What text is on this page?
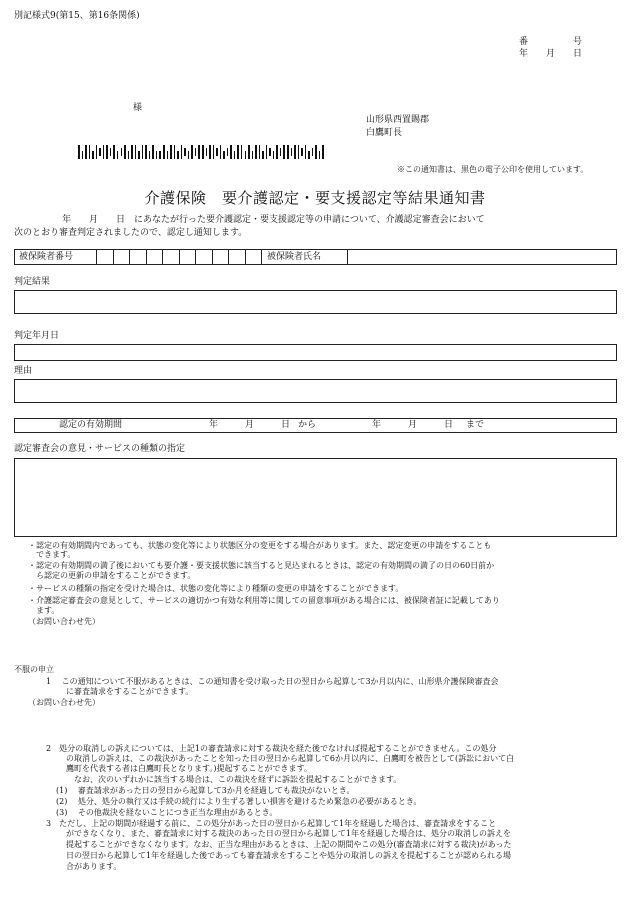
別記様式9(第15、第16条関係)
番　　　　　号
年　　月　　日
様
山形県西置賜郡
白鷹町長
※この通知書は、黒色の電子公印を使用しています。
介護保険　要介護認定・要支援認定等結果通知書
年　　月　　日　にあなたが行った要介護認定・要支援認定等の申請について、介護認定審査会において
次のとおり審査判定されましたので、認定し通知します。
被保険者番号	被保険者氏名
判定結果
判定年月日
理由
認定の有効期間	年　　　月　　　日 から	年　　　月　　　日	まで
認定審査会の意見・サービスの種類の指定
・認定の有効期間内であっても、状態の変化等により状態区分の変更をする場合があります。また、認定変更の申請をすることも
　できます。
・認定の有効期間の満了後においても要介護・要支援状態に該当すると見込まれるときは、認定の有効期間の満了の日の60日前か
　ら認定の更新の申請をすることができます。
・サービスの種類の指定を受けた場合は、状態の変化等により種類の変更の申請をすることができます。
・介護認定審査会の意見として、サービスの適切かつ有効な利用等に関しての留意事項がある場合には、被保険者証に記載してあり
　ます。
（お問い合わせ先）
不服の申立
1　 この通知について不服があるときは、この通知書を受け取った日の翌日から起算して3か月以内に、山形県介護保険審査会
に審査請求をすることができます。
（お問い合わせ先）
2　処分の取消しの訴えについては、上記1の審査請求に対する裁決を経た後でなければ提起することができません。この処分
の取消しの訴えは、この裁決があったことを知った日の翌日から起算して6か月以内に、白鷹町を被告として(訴訟において白
鷹町を代表する者は白鷹町長となります。)提起することができます。
　なお、次のいずれかに該当する場合は、この裁決を経ずに訴訟を提起することができます。
(1)　 審査請求があった日の翌日から起算して3か月を経過しても裁決がないとき。
(2)　 処分、処分の執行又は手続の続行により生ずる著しい損害を避けるため緊急の必要があるとき。
(3)　 その他裁決を経ないことにつき正当な理由があるとき。
3　ただし、上記の期間が経過する前に、この処分があった日の翌日から起算して1年を経過した場合は、審査請求をすること
ができなくなり、また、審査請求に対する裁決のあった日の翌日から起算して1年を経過した場合は、処分の取消しの訴えを
提起することができなくなります。なお、正当な理由があるときは、上記の期間やこの処分(審査請求に対する裁決)があった
日の翌日から起算して1年を経過した後であっても審査請求をすることや処分の取消しの訴えを提起することが認められる場
合があります。
